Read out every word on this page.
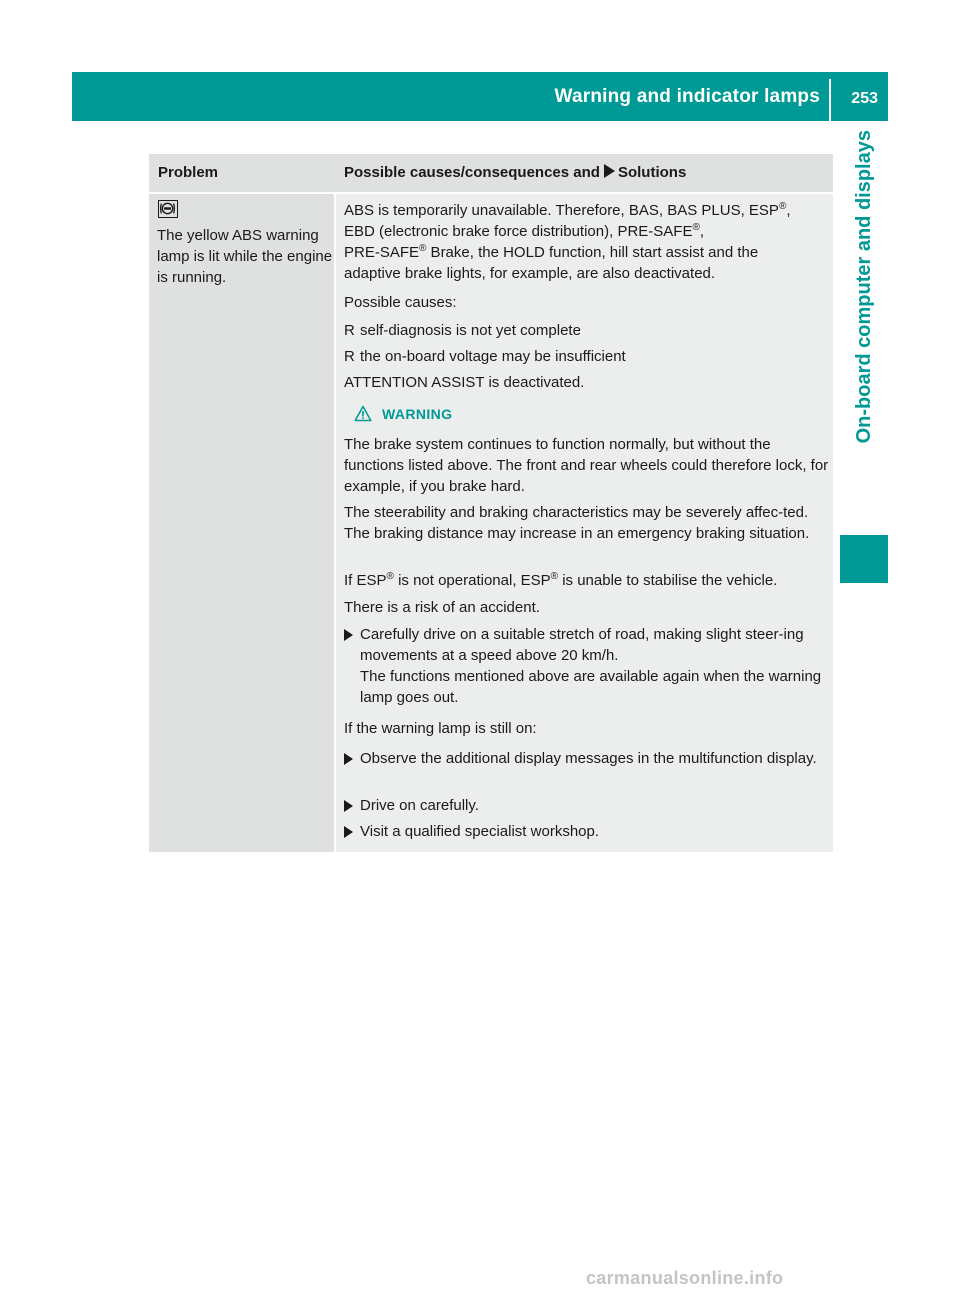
Warning and indicator lamps 253
On-board computer and displays
Problem	Possible causes/consequences and Solutions
The yellow ABS warning lamp is lit while the engine is running.

ABS is temporarily unavailable. Therefore, BAS, BAS PLUS, ESP®,

EBD (electronic brake force distribution), PRE-SAFE®,

PRE-SAFE® Brake, the HOLD function, hill start assist and the

adaptive brake lights, for example, are also deactivated.

Possible causes:
R self-diagnosis is not yet complete
R the on-board voltage may be insufficient
ATTENTION ASSIST is deactivated.
WARNING
The brake system continues to function normally, but without the functions listed above. The front and rear wheels could therefore lock, for example, if you brake hard.
The steerability and braking characteristics may be severely affec-ted. The braking distance may increase in an emergency braking situation.
If ESP® is not operational, ESP® is unable to stabilise the vehicle.
There is a risk of an accident.
Carefully drive on a suitable stretch of road, making slight steer-ing movements at a speed above 20 km/h.
The functions mentioned above are available again when the warning lamp goes out.
If the warning lamp is still on:
Observe the additional display messages in the multifunction display.
Drive on carefully.
Visit a qualified specialist workshop.
carmanualsonline.info
